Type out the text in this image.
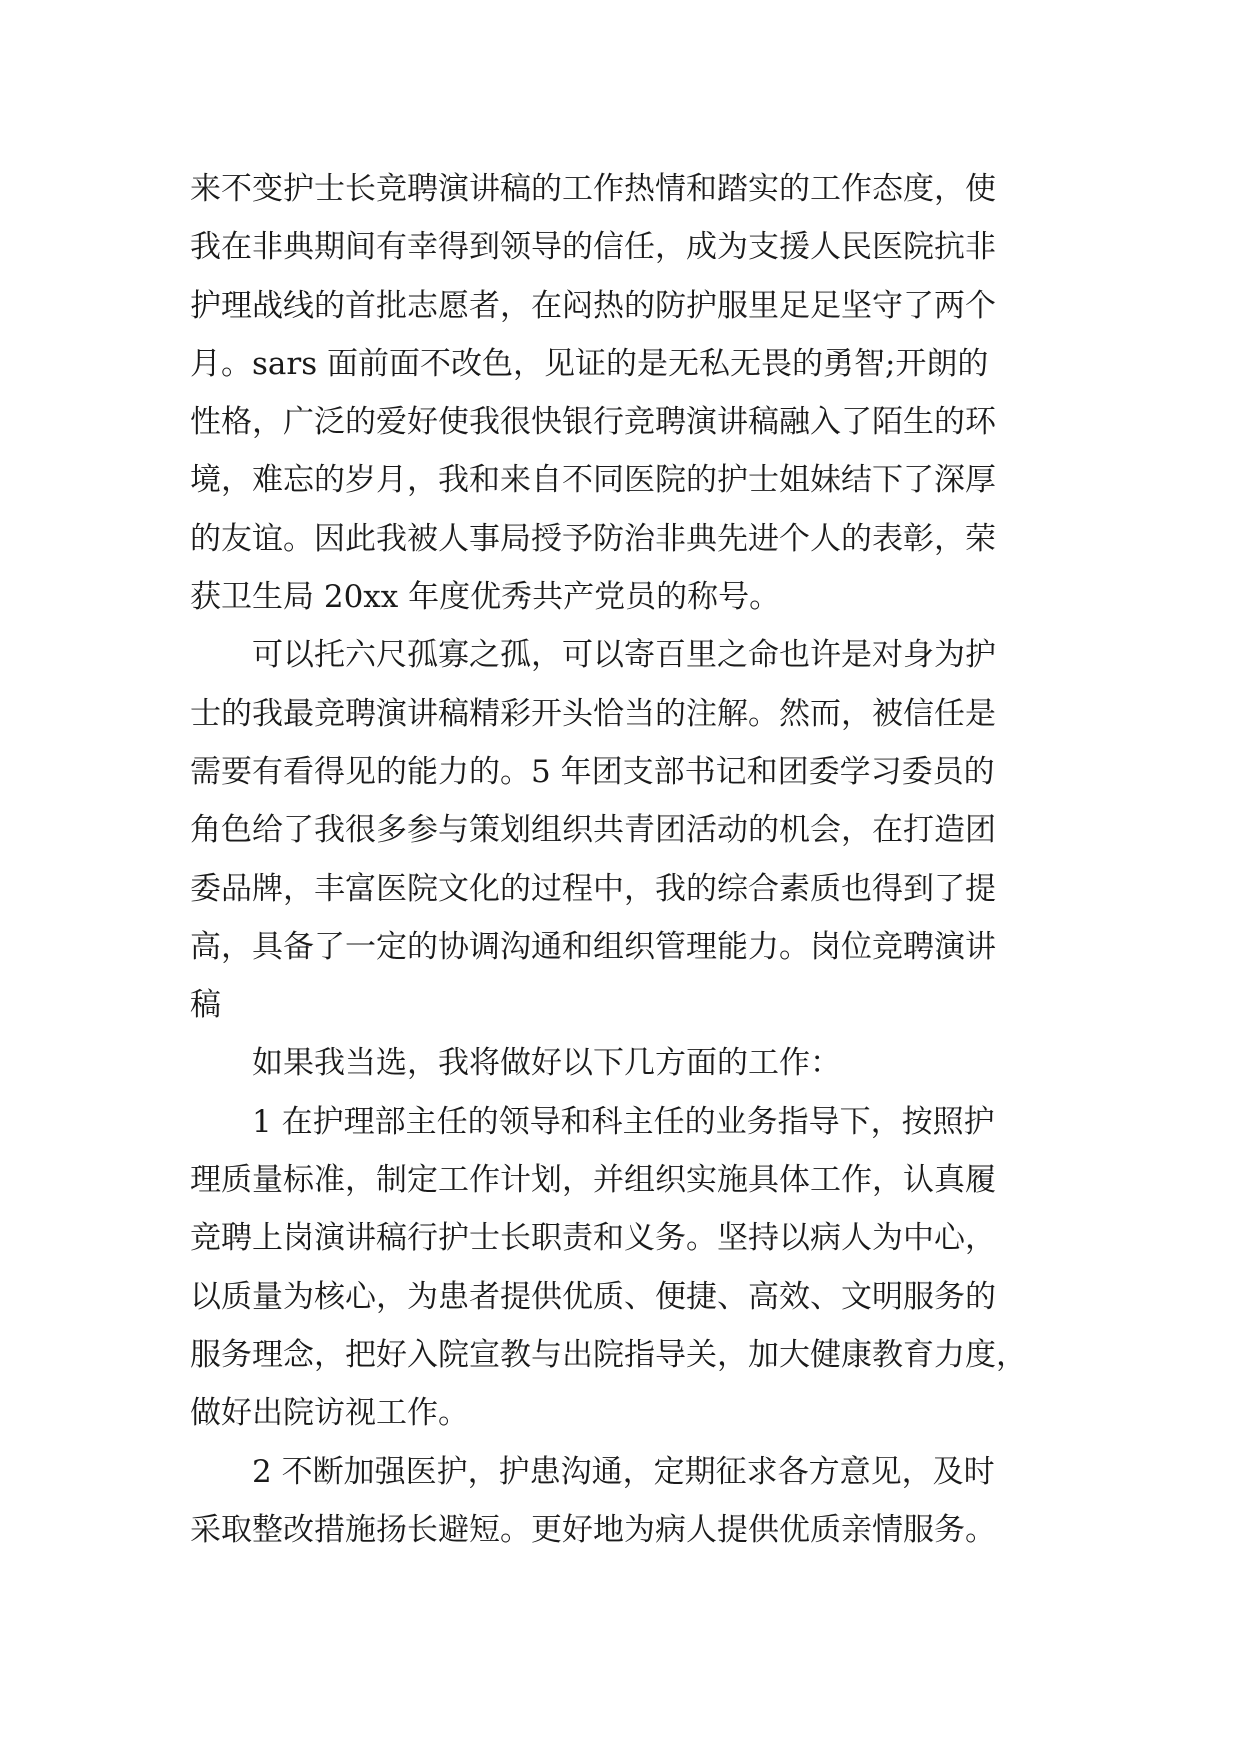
来不变护士长竞聘演讲稿的工作热情和踏实的工作态度，使
我在非典期间有幸得到领导的信任，成为支援人民医院抗非
护理战线的首批志愿者，在闷热的防护服里足足坚守了两个
月。sars 面前面不改色，见证的是无私无畏的勇智;开朗的
性格，广泛的爱好使我很快银行竞聘演讲稿融入了陌生的环
境，难忘的岁月，我和来自不同医院的护士姐妹结下了深厚
的友谊。因此我被人事局授予防治非典先进个人的表彰，荣
获卫生局 20xx 年度优秀共产党员的称号。
可以托六尺孤寡之孤，可以寄百里之命也许是对身为护
士的我最竞聘演讲稿精彩开头恰当的注解。然而，被信任是
需要有看得见的能力的。5 年团支部书记和团委学习委员的
角色给了我很多参与策划组织共青团活动的机会，在打造团
委品牌，丰富医院文化的过程中，我的综合素质也得到了提
高，具备了一定的协调沟通和组织管理能力。岗位竞聘演讲
稿
如果我当选，我将做好以下几方面的工作：
1 在护理部主任的领导和科主任的业务指导下，按照护
理质量标准，制定工作计划，并组织实施具体工作，认真履
竞聘上岗演讲稿行护士长职责和义务。坚持以病人为中心，
以质量为核心，为患者提供优质、便捷、高效、文明服务的
服务理念，把好入院宣教与出院指导关，加大健康教育力度，
做好出院访视工作。
2 不断加强医护，护患沟通，定期征求各方意见，及时
采取整改措施扬长避短。更好地为病人提供优质亲情服务。
